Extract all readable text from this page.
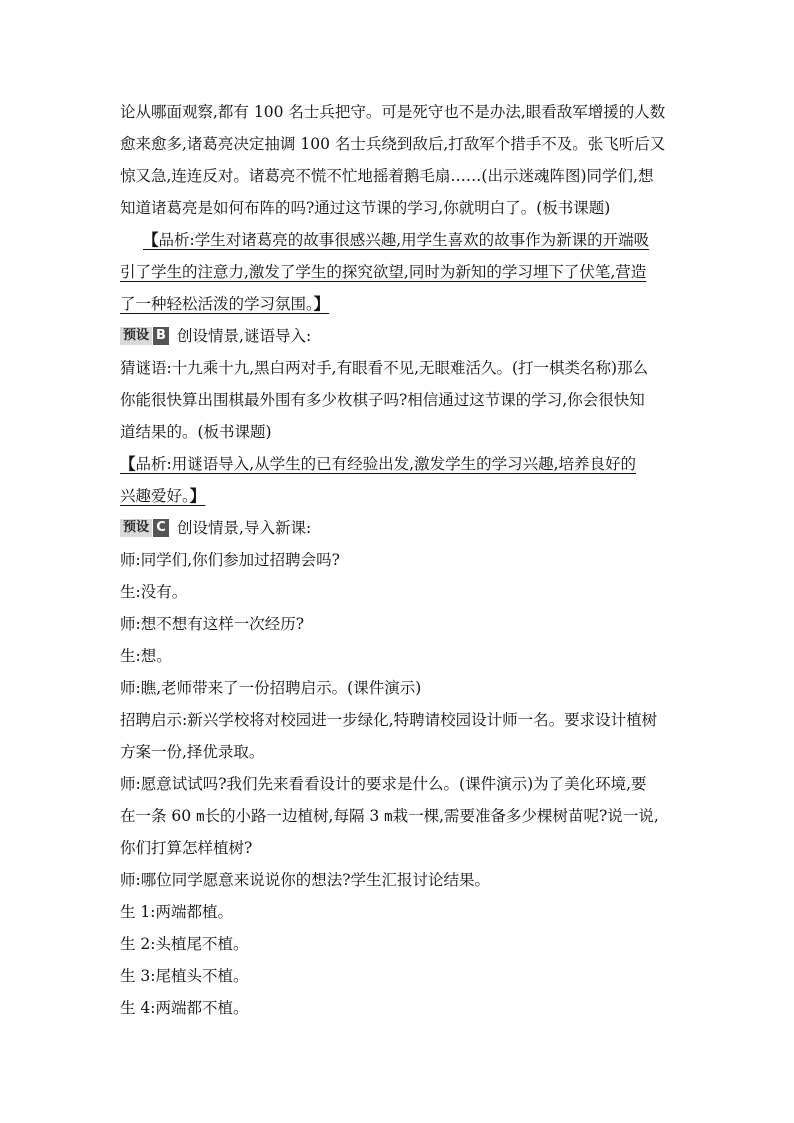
论从哪面观察,都有 100 名士兵把守。可是死守也不是办法,眼看敌军增援的人数
愈来愈多,诸葛亮决定抽调 100 名士兵绕到敌后,打敌军个措手不及。张飞听后又
惊又急,连连反对。诸葛亮不慌不忙地摇着鹅毛扇……(出示迷魂阵图)同学们,想
知道诸葛亮是如何布阵的吗?通过这节课的学习,你就明白了。(板书课题)
【品析:学生对诸葛亮的故事很感兴趣,用学生喜欢的故事作为新课的开端吸
引了学生的注意力,激发了学生的探究欲望,同时为新知的学习埋下了伏笔,营造
了一种轻松活泼的学习氛围。】
预设 B 创设情景,谜语导入:
猜谜语:十九乘十九,黑白两对手,有眼看不见,无眼难活久。(打一棋类名称)那么
你能很快算出围棋最外围有多少枚棋子吗?相信通过这节课的学习,你会很快知
道结果的。(板书课题)
【品析:用谜语导入,从学生的已有经验出发,激发学生的学习兴趣,培养良好的
兴趣爱好。】
预设 C 创设情景,导入新课:
师:同学们,你们参加过招聘会吗?
生:没有。
师:想不想有这样一次经历?
生:想。
师:瞧,老师带来了一份招聘启示。(课件演示)
招聘启示:新兴学校将对校园进一步绿化,特聘请校园设计师一名。要求设计植树
方案一份,择优录取。
师:愿意试试吗?我们先来看看设计的要求是什么。(课件演示)为了美化环境,要
在一条 60 m长的小路一边植树,每隔 3 m栽一棵,需要准备多少棵树苗呢?说一说,
你们打算怎样植树?
师:哪位同学愿意来说说你的想法?学生汇报讨论结果。
生 1:两端都植。
生 2:头植尾不植。
生 3:尾植头不植。
生 4:两端都不植。
